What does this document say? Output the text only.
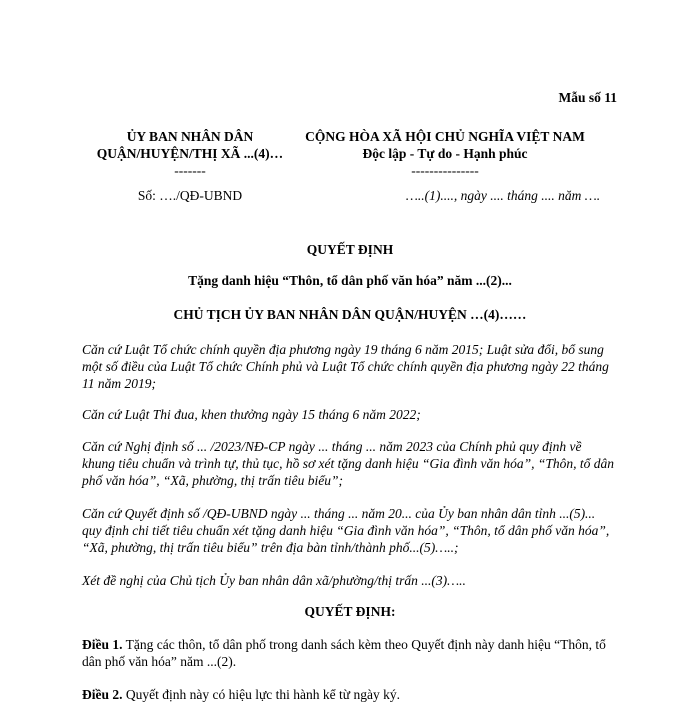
Mẫu số 11
ỦY BAN NHÂN DÂN
QUẬN/HUYỆN/THỊ XÃ ...(4)…
-------
CỘNG HÒA XÃ HỘI CHỦ NGHĨA VIỆT NAM
Độc lập - Tự do - Hạnh phúc
---------------
Số: …./QĐ-UBND	…..(1)...., ngày .... tháng .... năm ….
QUYẾT ĐỊNH
Tặng danh hiệu “Thôn, tổ dân phố văn hóa” năm ...(2)...
CHỦ TỊCH ỦY BAN NHÂN DÂN QUẬN/HUYỆN …(4)……
Căn cứ Luật Tổ chức chính quyền địa phương ngày 19 tháng 6 năm 2015; Luật sửa đổi, bổ sung một số điều của Luật Tổ chức Chính phủ và Luật Tổ chức chính quyền địa phương ngày 22 tháng 11 năm 2019;
Căn cứ Luật Thi đua, khen thưởng ngày 15 tháng 6 năm 2022;
Căn cứ Nghị định số ... /2023/NĐ-CP ngày ... tháng ... năm 2023 của Chính phủ quy định về khung tiêu chuẩn và trình tự, thủ tục, hồ sơ xét tặng danh hiệu “Gia đình văn hóa”, “Thôn, tổ dân phố văn hóa”, “Xã, phường, thị trấn tiêu biểu”;
Căn cứ Quyết định số /QĐ-UBND ngày ... tháng ... năm 20... của Ủy ban nhân dân tỉnh ...(5)... quy định chi tiết tiêu chuẩn xét tặng danh hiệu “Gia đình văn hóa”, “Thôn, tổ dân phố văn hóa”, “Xã, phường, thị trấn tiêu biểu” trên địa bàn tỉnh/thành phố...(5)…..;
Xét đề nghị của Chủ tịch Ủy ban nhân dân xã/phường/thị trấn ...(3)…..
QUYẾT ĐỊNH:
Điều 1. Tặng các thôn, tổ dân phố trong danh sách kèm theo Quyết định này danh hiệu “Thôn, tổ dân phố văn hóa” năm ...(2).
Điều 2. Quyết định này có hiệu lực thi hành kể từ ngày ký.
